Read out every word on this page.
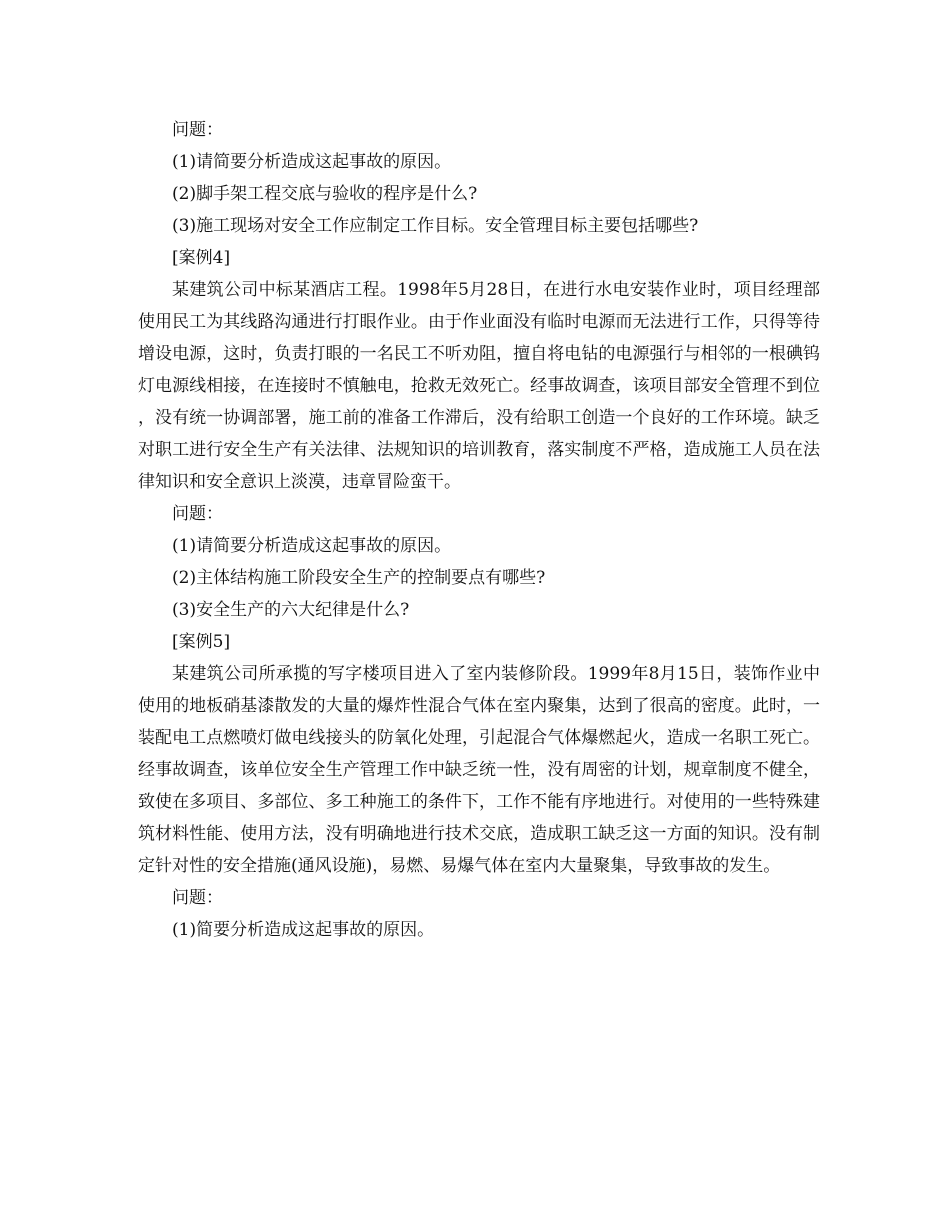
问题：

(1)请简要分析造成这起事故的原因。

(2)脚手架工程交底与验收的程序是什么?

(3)施工现场对安全工作应制定工作目标。安全管理目标主要包括哪些?

[案例4]

某建筑公司中标某酒店工程。1998年5月28日，在进行水电安装作业时，项目经理部使用民工为其线路沟通进行打眼作业。由于作业面没有临时电源而无法进行工作，只得等待增设电源，这时，负责打眼的一名民工不听劝阻，擅自将电钻的电源强行与相邻的一根碘钨灯电源线相接，在连接时不慎触电，抢救无效死亡。经事故调查，该项目部安全管理不到位，没有统一协调部署，施工前的准备工作滞后，没有给职工创造一个良好的工作环境。缺乏对职工进行安全生产有关法律、法规知识的培训教育，落实制度不严格，造成施工人员在法律知识和安全意识上淡漠，违章冒险蛮干。

问题：

(1)请简要分析造成这起事故的原因。

(2)主体结构施工阶段安全生产的控制要点有哪些?

(3)安全生产的六大纪律是什么?

[案例5]

某建筑公司所承揽的写字楼项目进入了室内装修阶段。1999年8月15日，装饰作业中使用的地板硝基漆散发的大量的爆炸性混合气体在室内聚集，达到了很高的密度。此时，一装配电工点燃喷灯做电线接头的防氧化处理，引起混合气体爆燃起火，造成一名职工死亡。经事故调查，该单位安全生产管理工作中缺乏统一性，没有周密的计划，规章制度不健全，致使在多项目、多部位、多工种施工的条件下，工作不能有序地进行。对使用的一些特殊建筑材料性能、使用方法，没有明确地进行技术交底，造成职工缺乏这一方面的知识。没有制定针对性的安全措施(通风设施)，易燃、易爆气体在室内大量聚集，导致事故的发生。

问题：

(1)简要分析造成这起事故的原因。
